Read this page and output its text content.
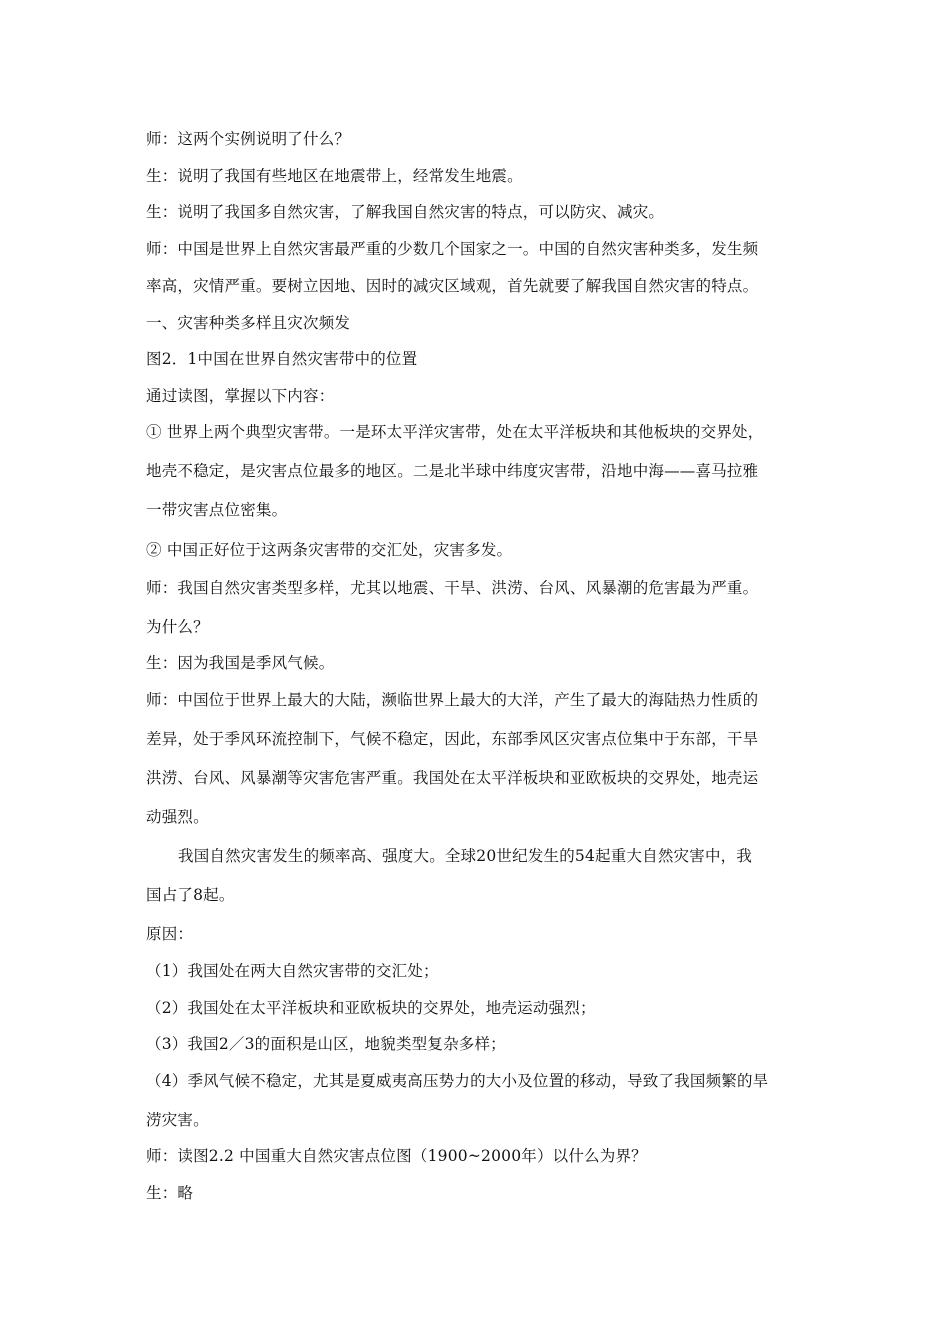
师：这两个实例说明了什么？
生：说明了我国有些地区在地震带上，经常发生地震。
生：说明了我国多自然灾害，了解我国自然灾害的特点，可以防灾、减灾。
师：中国是世界上自然灾害最严重的少数几个国家之一。中国的自然灾害种类多，发生频
率高，灾情严重。要树立因地、因时的减灾区域观，首先就要了解我国自然灾害的特点。
一、灾害种类多样且灾次频发
图2．1中国在世界自然灾害带中的位置
通过读图，掌握以下内容：
① 世界上两个典型灾害带。一是环太平洋灾害带，处在太平洋板块和其他板块的交界处，
地壳不稳定，是灾害点位最多的地区。二是北半球中纬度灾害带，沿地中海——喜马拉雅
一带灾害点位密集。
② 中国正好位于这两条灾害带的交汇处，灾害多发。
师：我国自然灾害类型多样，尤其以地震、干旱、洪涝、台风、风暴潮的危害最为严重。
为什么？
生：因为我国是季风气候。
师：中国位于世界上最大的大陆，濒临世界上最大的大洋，产生了最大的海陆热力性质的
差异，处于季风环流控制下，气候不稳定，因此，东部季风区灾害点位集中于东部，干旱
洪涝、台风、风暴潮等灾害危害严重。我国处在太平洋板块和亚欧板块的交界处，地壳运
动强烈。
我国自然灾害发生的频率高、强度大。全球20世纪发生的54起重大自然灾害中，我
国占了8起。
原因：
（1）我国处在两大自然灾害带的交汇处；
（2）我国处在太平洋板块和亚欧板块的交界处，地壳运动强烈；
（3）我国2／3的面积是山区，地貌类型复杂多样；
（4）季风气候不稳定，尤其是夏威夷高压势力的大小及位置的移动，导致了我国频繁的旱
涝灾害。
师：读图2.2 中国重大自然灾害点位图（1900~2000年）以什么为界？
生：略
